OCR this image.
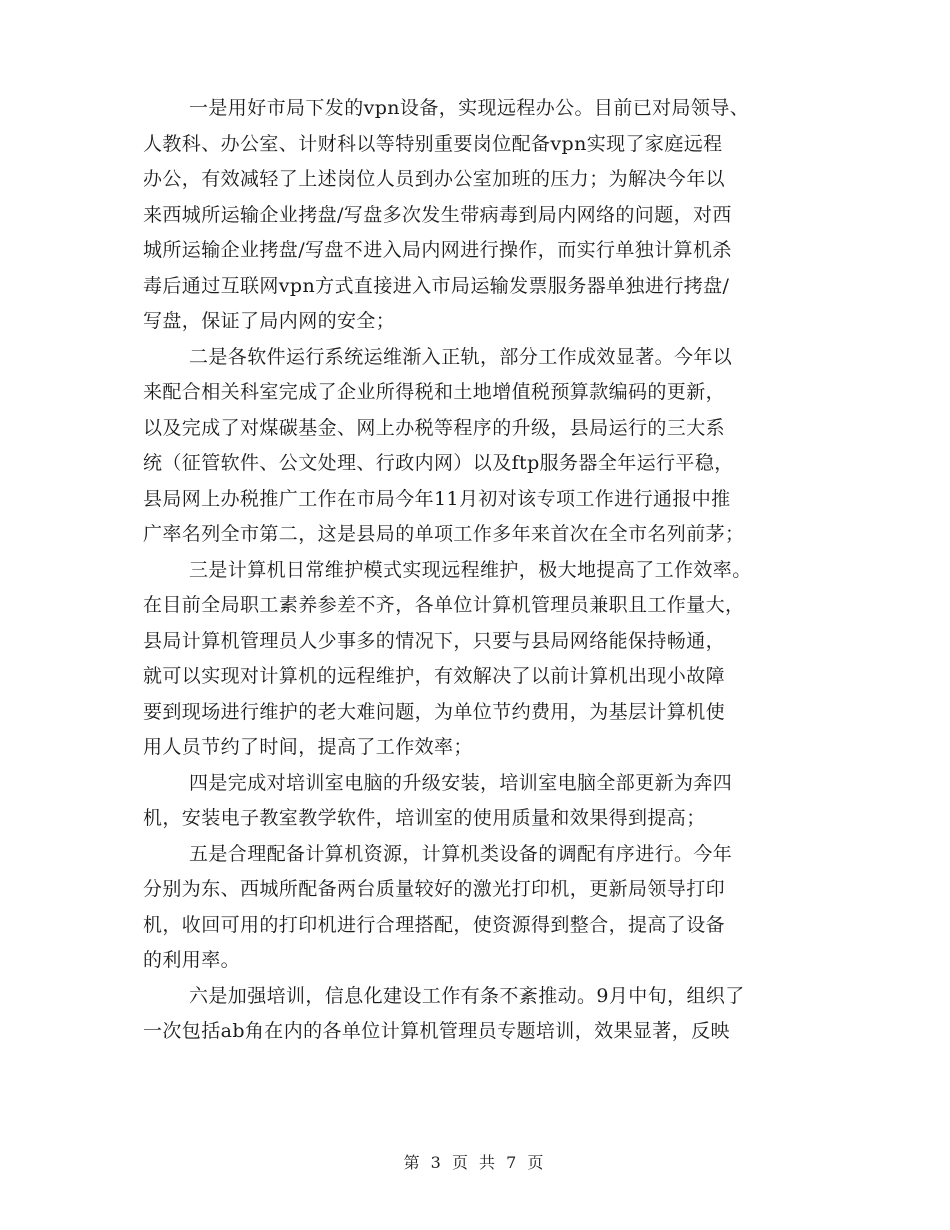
一是用好市局下发的vpn设备，实现远程办公。目前已对局领导、
人教科、办公室、计财科以等特别重要岗位配备vpn实现了家庭远程
办公，有效减轻了上述岗位人员到办公室加班的压力；为解决今年以
来西城所运输企业拷盘/写盘多次发生带病毒到局内网络的问题，对西
城所运输企业拷盘/写盘不进入局内网进行操作，而实行单独计算机杀
毒后通过互联网vpn方式直接进入市局运输发票服务器单独进行拷盘/
写盘，保证了局内网的安全；
二是各软件运行系统运维渐入正轨，部分工作成效显著。今年以
来配合相关科室完成了企业所得税和土地增值税预算款编码的更新，
以及完成了对煤碳基金、网上办税等程序的升级，县局运行的三大系
统（征管软件、公文处理、行政内网）以及ftp服务器全年运行平稳，
县局网上办税推广工作在市局今年11月初对该专项工作进行通报中推
广率名列全市第二，这是县局的单项工作多年来首次在全市名列前茅；
三是计算机日常维护模式实现远程维护，极大地提高了工作效率。
在目前全局职工素养参差不齐，各单位计算机管理员兼职且工作量大，
县局计算机管理员人少事多的情况下，只要与县局网络能保持畅通，
就可以实现对计算机的远程维护，有效解决了以前计算机出现小故障
要到现场进行维护的老大难问题，为单位节约费用，为基层计算机使
用人员节约了时间，提高了工作效率；
四是完成对培训室电脑的升级安装，培训室电脑全部更新为奔四
机，安装电子教室教学软件，培训室的使用质量和效果得到提高；
五是合理配备计算机资源，计算机类设备的调配有序进行。今年
分别为东、西城所配备两台质量较好的激光打印机，更新局领导打印
机，收回可用的打印机进行合理搭配，使资源得到整合，提高了设备
的利用率。
六是加强培训，信息化建设工作有条不紊推动。9月中旬，组织了
一次包括ab角在内的各单位计算机管理员专题培训，效果显著，反映
第 3 页 共 7 页
